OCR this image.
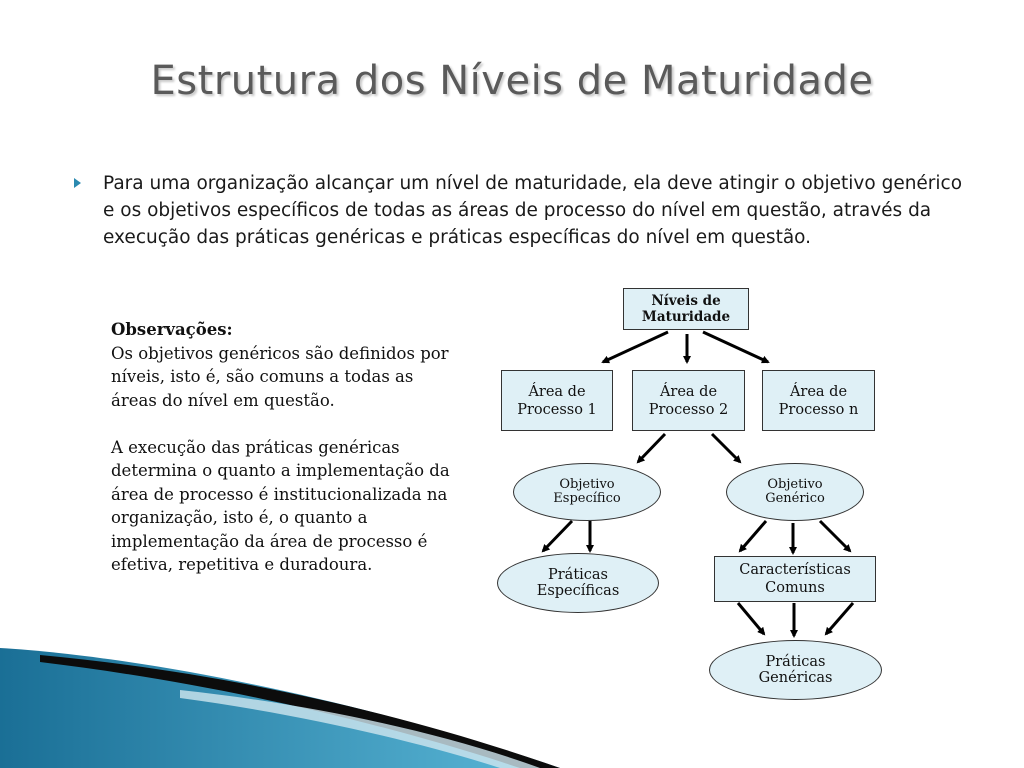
Estrutura dos Níveis de Maturidade
Para uma organização alcançar um nível de maturidade, ela deve atingir o objetivo genérico e os objetivos específicos de todas as áreas de processo do nível em questão, através da execução das práticas genéricas e práticas específicas do nível em questão.

Observações:

Os objetivos genéricos são definidos por níveis, isto é, são comuns a todas as áreas do nível em questão.

A execução das práticas genéricas determina o quanto a implementação da área de processo é institucionalizada na organização, isto é, o quanto a implementação da área de processo é efetiva, repetitiva e duradoura.

Níveis de Maturidade
Área de Processo 1
Área de Processo 2
Área de Processo n
Objetivo Específico
Objetivo Genérico
Práticas Específicas
Características Comuns
Práticas Genéricas
